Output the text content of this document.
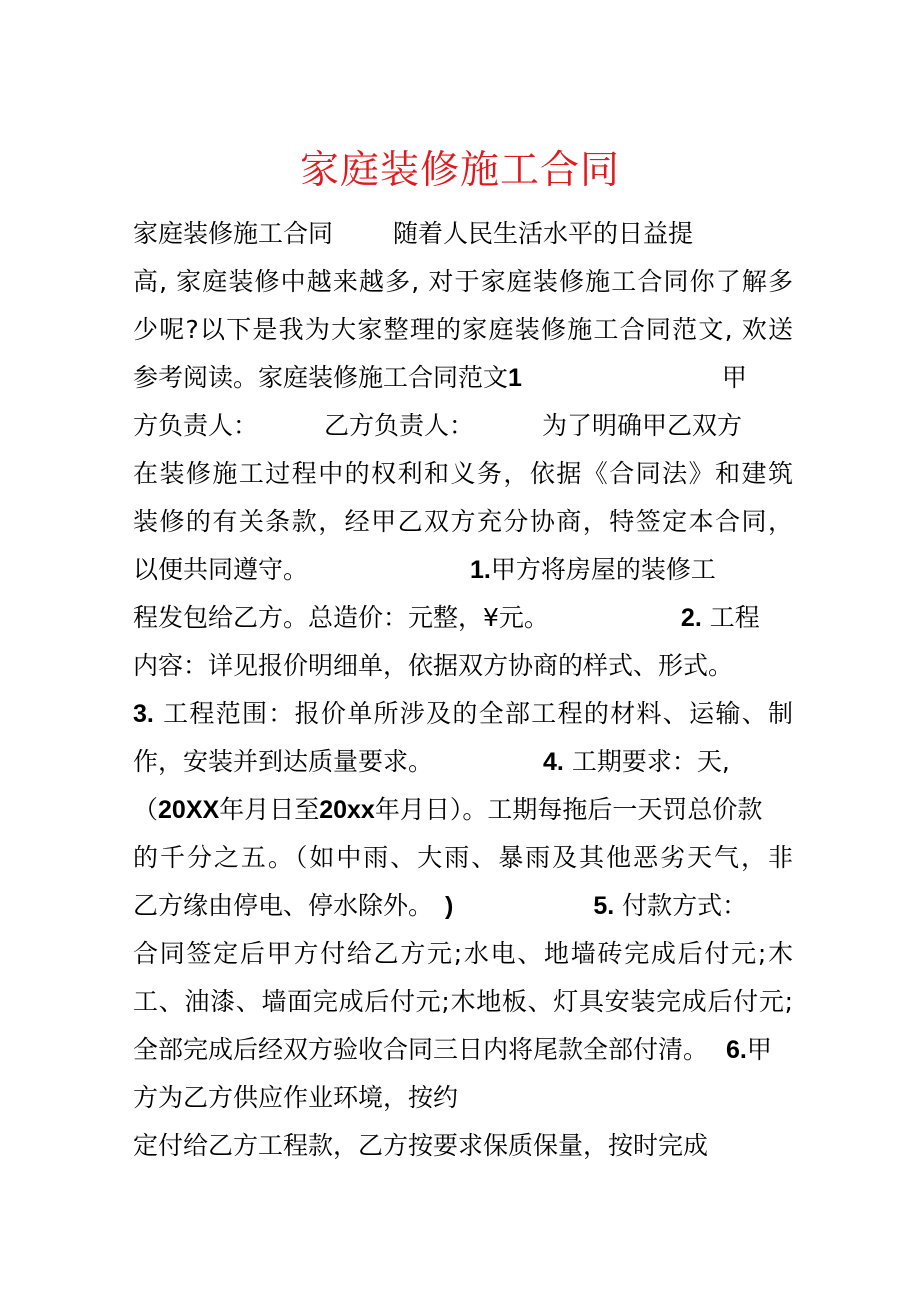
家庭装修施工合同
家庭装修施工合同 随着人民生活水平的日益提
高, 家庭装修中越来越多, 对于家庭装修施工合同你了解多
少呢?以下是我为大家整理的家庭装修施工合同范文, 欢送
参考阅读。家庭装修施工合同范文1	甲
方负责人：	乙方负责人：	为了明确甲乙双方
在装修施工过程中的权利和义务，依据《合同法》和建筑
装修的有关条款，经甲乙双方充分协商，特签定本合同，
以便共同遵守。	1.甲方将房屋的装修工
程发包给乙方。总造价：元整，¥元。	2. 工程
内容：详见报价明细单，依据双方协商的样式、形式。
3. 工程范围：报价单所涉及的全部工程的材料、运输、制
作，安装并到达质量要求。	4. 工期要求：天,
（20XX年月日至20xx年月日）。工期每拖后一天罚总价款
的千分之五。（如中雨、大雨、暴雨及其他恶劣天气，非
乙方缘由停电、停水除外。 )	5. 付款方式：
合同签定后甲方付给乙方元;水电、地墙砖完成后付元;木
工、油漆、墙面完成后付元;木地板、灯具安装完成后付元;
全部完成后经双方验收合同三日内将尾款全部付清。 6.甲
方为乙方供应作业环境，按约
定付给乙方工程款，乙方按要求保质保量，按时完成
